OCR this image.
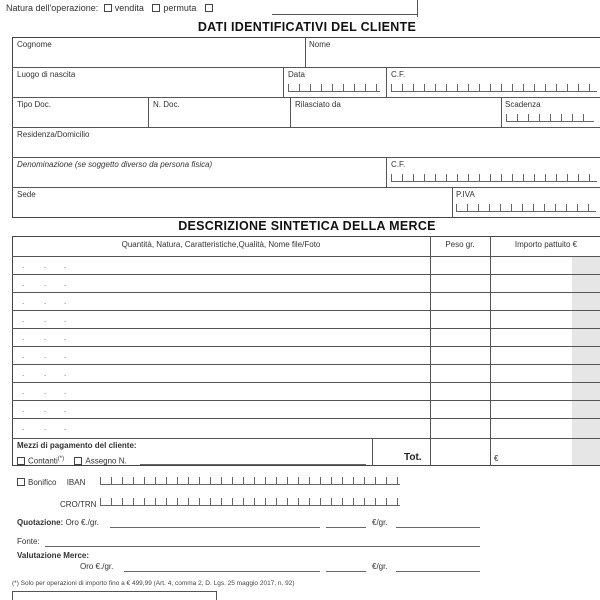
Natura dell'operazione: vendita permuta
DATI IDENTIFICATIVI DEL CLIENTE
Cognome	Nome
Luogo di nascita	Data	C.F.
Tipo Doc.	N. Doc.	Rilasciato da	Scadenza
Residenza/Domicilio
Denominazione (se soggetto diverso da persona fisica)	C.F.
Sede	P.IVA
DESCRIZIONE SINTETICA DELLA MERCE
Quantità, Natura, Caratteristiche,Qualità, Nome file/Foto	Peso gr.	Importo pattuito €
. . .
. . .
. . .
. . .
. . .
. . .
. . .
. . .
. . .
. . .
Tot.	€
Mezzi di pagamento del cliente:
Contanti(*)	Assegno N.
Bonifico IBAN
CRO/TRN
Quotazione: Oro €./gr.	€/gr.
Fonte:
Valutazione Merce:
Oro €./gr.	€/gr.
(*) Solo per operazioni di importo fino a € 499,99 (Art. 4, comma 2, D. Lgs. 25 maggio 2017, n. 92)
